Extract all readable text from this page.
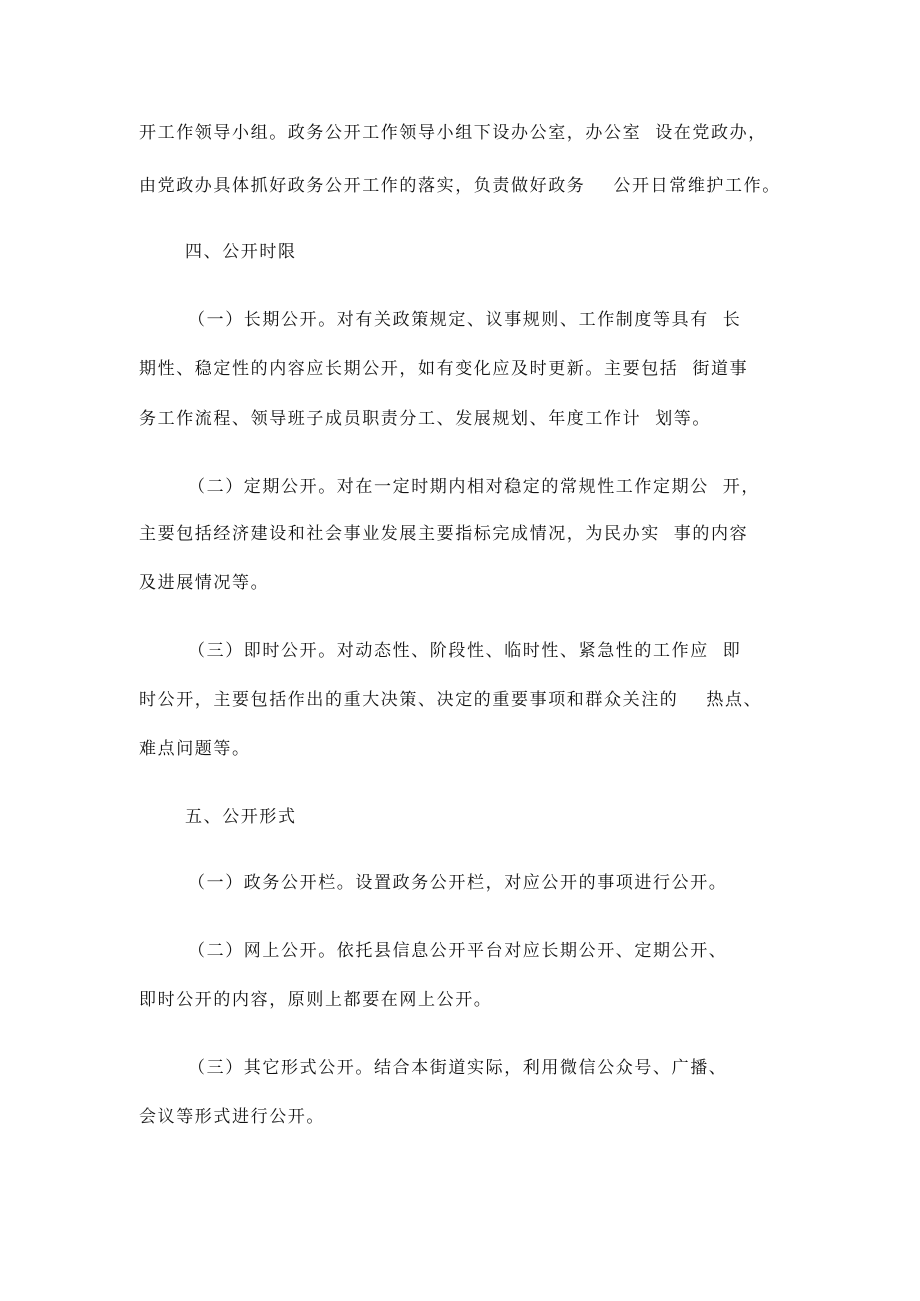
开工作领导小组。政务公开工作领导小组下设办公室，办公室  设在党政办，
由党政办具体抓好政务公开工作的落实，负责做好政务    公开日常维护工作。
四、公开时限
（一）长期公开。对有关政策规定、议事规则、工作制度等具有  长
期性、稳定性的内容应长期公开，如有变化应及时更新。主要包括  街道事
务工作流程、领导班子成员职责分工、发展规划、年度工作计  划等。
（二）定期公开。对在一定时期内相对稳定的常规性工作定期公  开，
主要包括经济建设和社会事业发展主要指标完成情况，为民办实  事的内容
及进展情况等。
（三）即时公开。对动态性、阶段性、临时性、紧急性的工作应  即
时公开，主要包括作出的重大决策、决定的重要事项和群众关注的    热点、
难点问题等。
五、公开形式
（一）政务公开栏。设置政务公开栏，对应公开的事项进行公开。
（二）网上公开。依托县信息公开平台对应长期公开、定期公开、
即时公开的内容，原则上都要在网上公开。
（三）其它形式公开。结合本街道实际，利用微信公众号、广播、
会议等形式进行公开。
